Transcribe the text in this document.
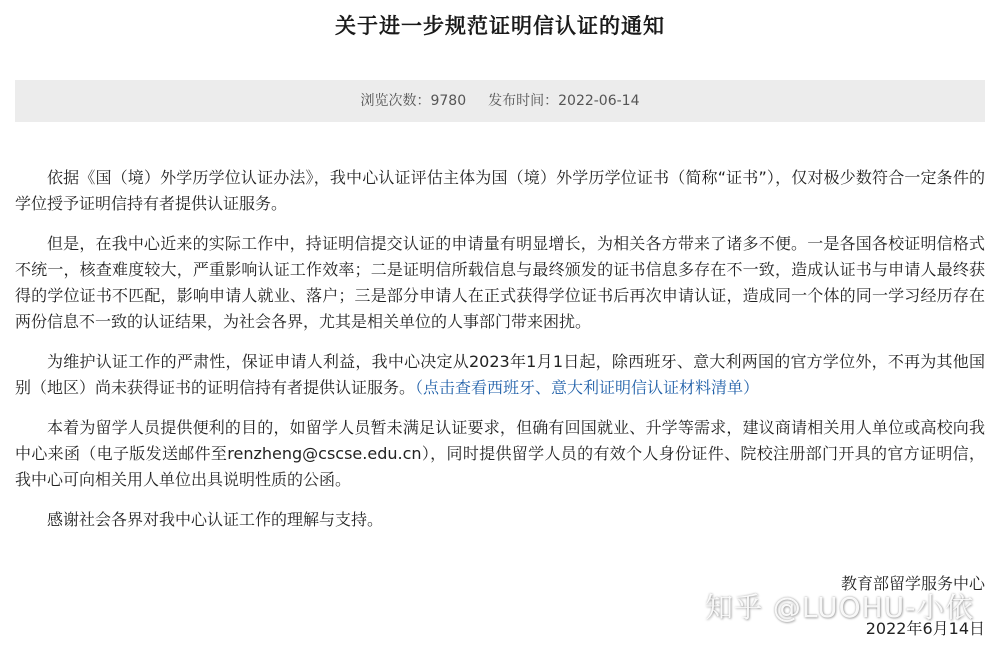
关于进一步规范证明信认证的通知
浏览次数：9780 发布时间：2022-06-14

依据《国（境）外学历学位认证办法》，我中心认证评估主体为国（境）外学历学位证书（简称“证书”），仅对极少数符合一定条件的学位授予证明信持有者提供认证服务。

但是，在我中心近来的实际工作中，持证明信提交认证的申请量有明显增长，为相关各方带来了诸多不便。一是各国各校证明信格式不统一，核查难度较大，严重影响认证工作效率；二是证明信所载信息与最终颁发的证书信息多存在不一致，造成认证书与申请人最终获得的学位证书不匹配，影响申请人就业、落户；三是部分申请人在正式获得学位证书后再次申请认证，造成同一个体的同一学习经历存在两份信息不一致的认证结果，为社会各界，尤其是相关单位的人事部门带来困扰。

为维护认证工作的严肃性，保证申请人利益，我中心决定从2023年1月1日起，除西班牙、意大利两国的官方学位外，不再为其他国别（地区）尚未获得证书的证明信持有者提供认证服务。（点击查看西班牙、意大利证明信认证材料清单）

本着为留学人员提供便利的目的，如留学人员暂未满足认证要求，但确有回国就业、升学等需求，建议商请相关用人单位或高校向我中心来函（电子版发送邮件至renzheng@cscse.edu.cn），同时提供留学人员的有效个人身份证件、院校注册部门开具的官方证明信，我中心可向相关用人单位出具说明性质的公函。

感谢社会各界对我中心认证工作的理解与支持。

教育部留学服务中心
知乎 @LUOHU-小依
2022年6月14日
